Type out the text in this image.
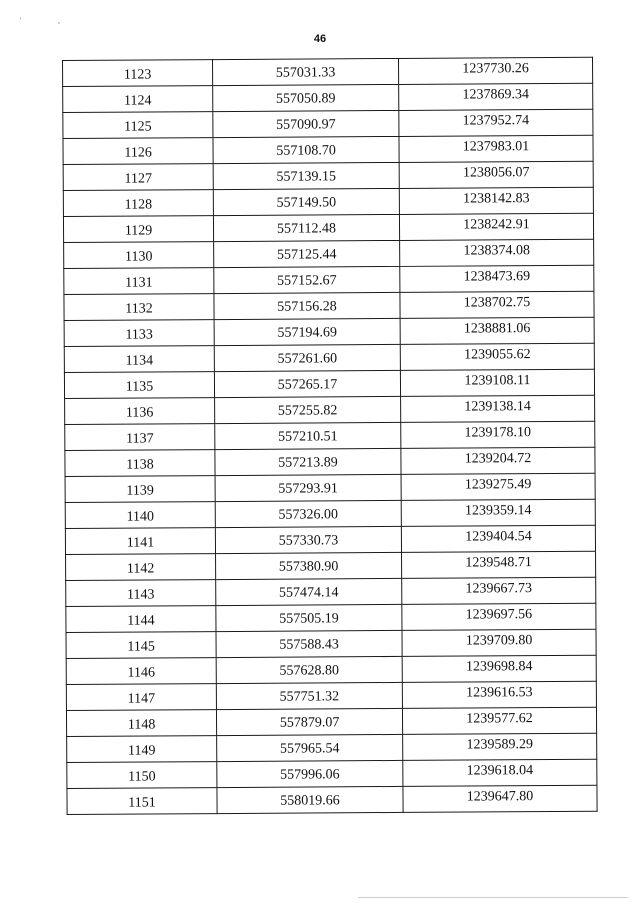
'	,
46
1123	557031.33	1237730.26
1124	557050.89	1237869.34
1125	557090.97	1237952.74
1126	557108.70	1237983.01
1127	557139.15	1238056.07
1128	557149.50	1238142.83
1129	557112.48	1238242.91
1130	557125.44	1238374.08
1131	557152.67	1238473.69
1132	557156.28	1238702.75
1133	557194.69	1238881.06
1134	557261.60	1239055.62
1135	557265.17	1239108.11
1136	557255.82	1239138.14
1137	557210.51	1239178.10
1138	557213.89	1239204.72
1139	557293.91	1239275.49
1140	557326.00	1239359.14
1141	557330.73	1239404.54
1142	557380.90	1239548.71
1143	557474.14	1239667.73
1144	557505.19	1239697.56
1145	557588.43	1239709.80
1146	557628.80	1239698.84
1147	557751.32	1239616.53
1148	557879.07	1239577.62
1149	557965.54	1239589.29
1150	557996.06	1239618.04
1151	558019.66	1239647.80
